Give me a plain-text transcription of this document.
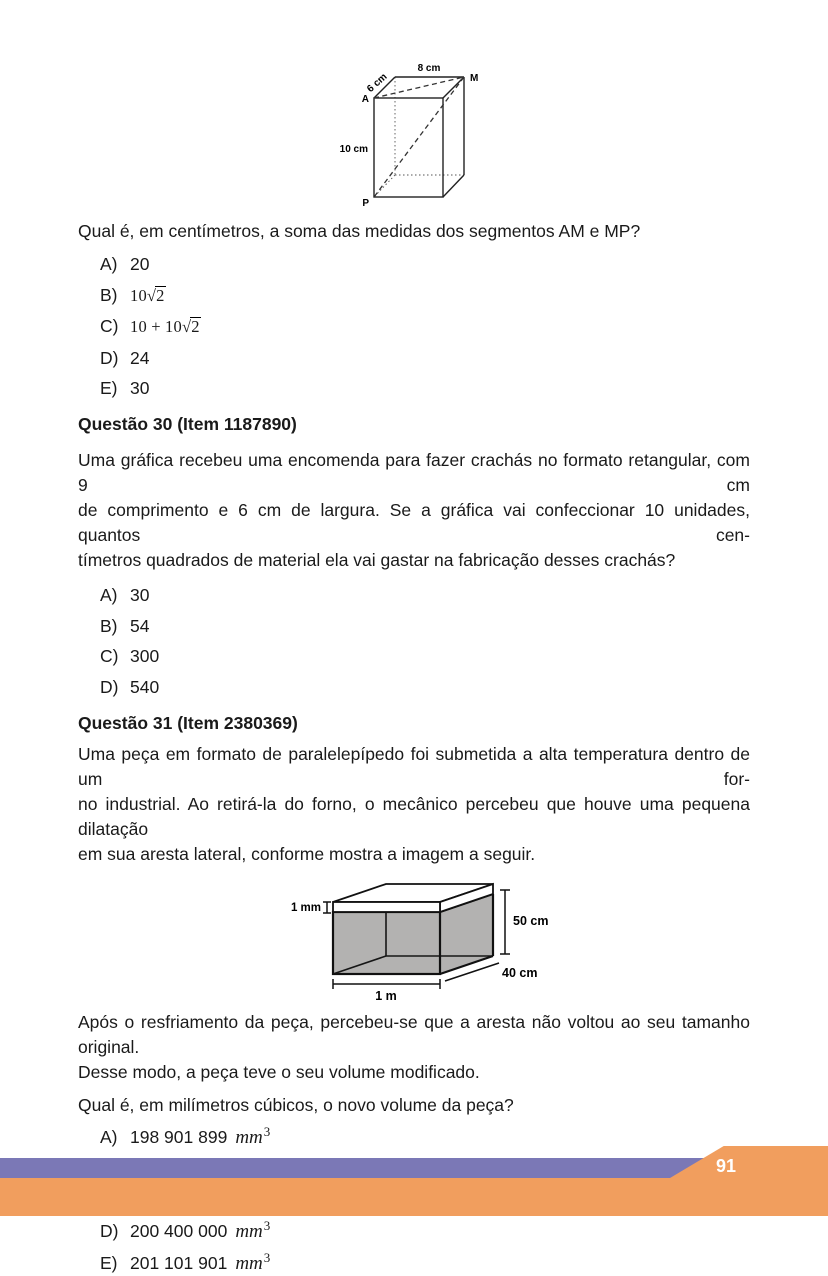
8 cm
6 cm
10 cm
A
M
P
Qual é, em centímetros, a soma das medidas dos segmentos AM e MP?
A) 20
B) 10√2
C) 10 + 10√2
D) 24
E) 30
Questão 30 (Item 1187890)
Uma gráfica recebeu uma encomenda para fazer crachás no formato retangular, com 9 cm
de comprimento e 6 cm de largura. Se a gráfica vai confeccionar 10 unidades, quantos cen-
tímetros quadrados de material ela vai gastar na fabricação desses crachás?
A) 30
B) 54
C) 300
D) 540
Questão 31 (Item 2380369)
Uma peça em formato de paralelepípedo foi submetida a alta temperatura dentro de um for-
no industrial. Ao retirá-la do forno, o mecânico percebeu que houve uma pequena dilatação
em sua aresta lateral, conforme mostra a imagem a seguir.
1 mm
50 cm
40 cm
1 m
Após o resfriamento da peça, percebeu-se que a aresta não voltou ao seu tamanho original.
Desse modo, a peça teve o seu volume modificado.
Qual é, em milímetros cúbicos, o novo volume da peça?
A) 198 901 899 $mm^3$
D) 200 400 000 $mm^3$
E) 201 101 901 $mm^3$
91
